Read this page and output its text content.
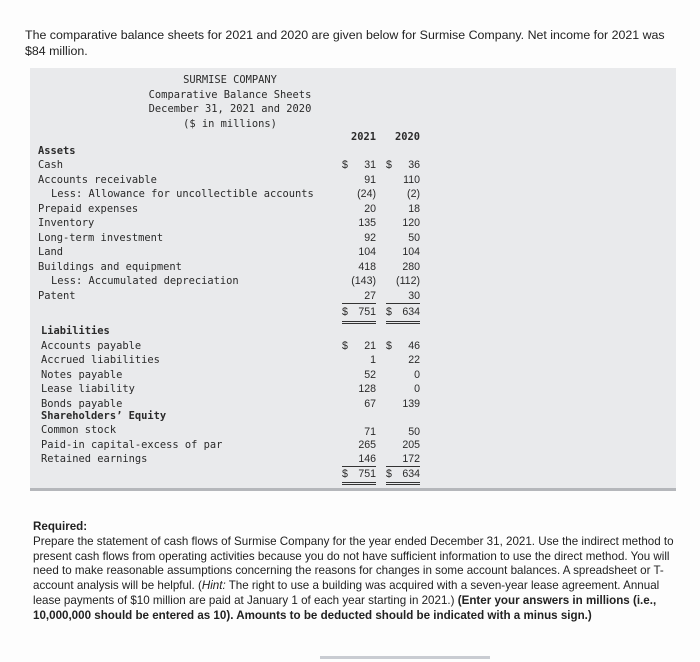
The comparative balance sheets for 2021 and 2020 are given below for Surmise Company. Net income for 2021 was $84 million.
SURMISE COMPANY
Comparative Balance Sheets
December 31, 2021 and 2020
($ in millions)
2021	2020
Assets
Cash	$	31 $	36
Accounts receivable	91	110
Less: Allowance for uncollectible accounts	(24)	(2)
Prepaid expenses	20	18
Inventory	135	120
Long-term investment	92	50
Land	104	104
Buildings and equipment	418	280
Less: Accumulated depreciation	(143)	(112)
Patent	27	30
$ 751 $ 634
Liabilities
Accounts payable	$	21 $	46
Accrued liabilities	1	22
Notes payable	52	0
Lease liability	128	0
Bonds payable	67	139
Shareholders’ Equity
Common stock	71	50
Paid-in capital-excess of par	265	205
Retained earnings	146	172
$ 751 $ 634
Required:
Prepare the statement of cash flows of Surmise Company for the year ended December 31, 2021. Use the indirect method to present cash flows from operating activities because you do not have sufficient information to use the direct method. You will need to make reasonable assumptions concerning the reasons for changes in some account balances. A spreadsheet or T-account analysis will be helpful. (Hint: The right to use a building was acquired with a seven-year lease agreement. Annual lease payments of $10 million are paid at January 1 of each year starting in 2021.) (Enter your answers in millions (i.e., 10,000,000 should be entered as 10). Amounts to be deducted should be indicated with a minus sign.)
